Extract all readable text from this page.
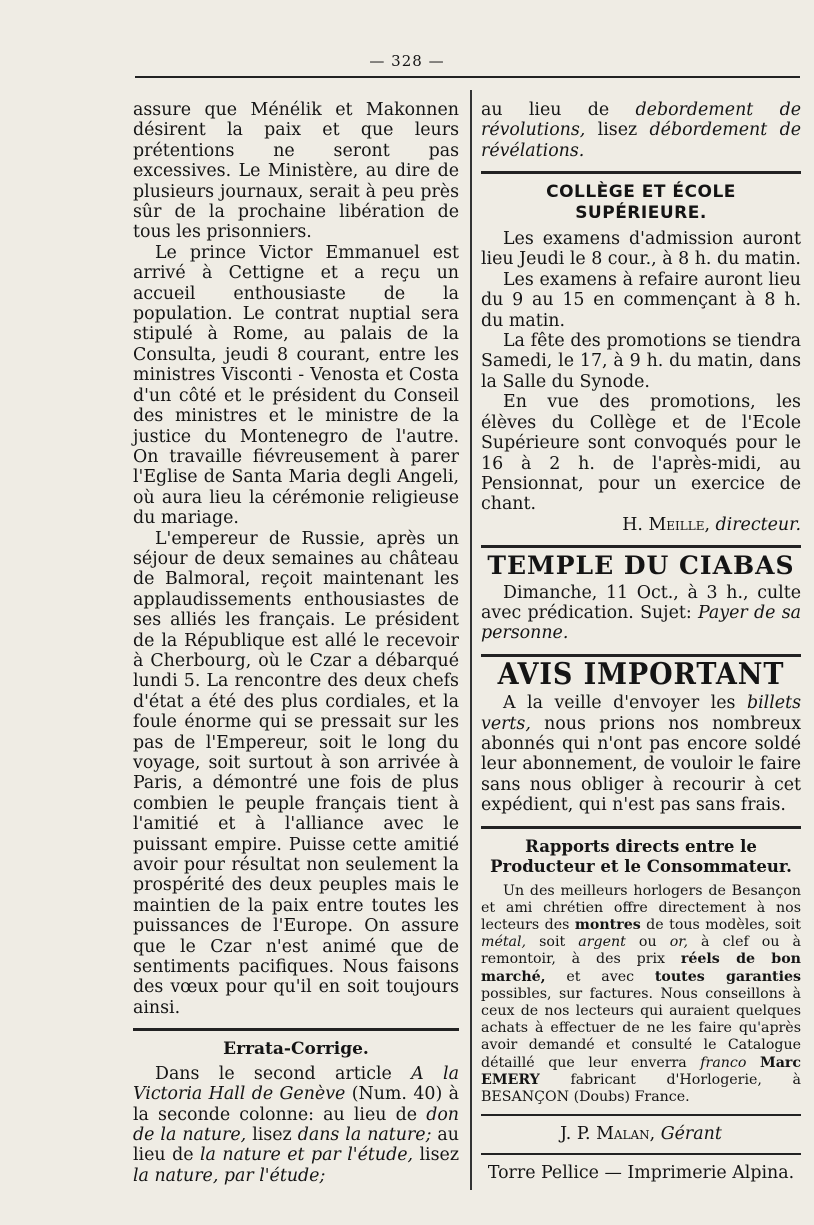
— 328 —

assure que Ménélik et Makonnen désirent la paix et que leurs prétentions ne seront pas excessives. Le Ministère, au dire de plusieurs journaux, serait à peu près sûr de la prochaine libération de tous les prisonniers.

Le prince Victor Emmanuel est arrivé à Cettigne et a reçu un accueil enthousiaste de la population. Le contrat nuptial sera stipulé à Rome, au palais de la Consulta, jeudi 8 courant, entre les ministres Visconti - Venosta et Costa d'un côté et le président du Conseil des ministres et le ministre de la justice du Montenegro de l'autre. On travaille fiévreusement à parer l'Eglise de Santa Maria degli Angeli, où aura lieu la cérémonie religieuse du mariage.

L'empereur de Russie, après un séjour de deux semaines au château de Balmoral, reçoit maintenant les applaudissements enthousiastes de ses alliés les français. Le président de la République est allé le recevoir à Cherbourg, où le Czar a débarqué lundi 5. La rencontre des deux chefs d'état a été des plus cordiales, et la foule énorme qui se pressait sur les pas de l'Empereur, soit le long du voyage, soit surtout à son arrivée à Paris, a démontré une fois de plus combien le peuple français tient à l'amitié et à l'alliance avec le puissant empire. Puisse cette amitié avoir pour résultat non seulement la prospérité des deux peuples mais le maintien de la paix entre toutes les puissances de l'Europe. On assure que le Czar n'est animé que de sentiments pacifiques. Nous faisons des vœux pour qu'il en soit toujours ainsi.

Errata-Corrige.

Dans le second article A la Victoria Hall de Genève (Num. 40) à la seconde colonne: au lieu de don de la nature, lisez dans la nature; au lieu de la nature et par l'étude, lisez la nature, par l'étude;

au lieu de debordement de révolutions, lisez débordement de révélations.

COLLÈGE ET ÉCOLE SUPÉRIEURE.

Les examens d'admission auront lieu Jeudi le 8 cour., à 8 h. du matin.

Les examens à refaire auront lieu du 9 au 15 en commençant à 8 h. du matin.

La fête des promotions se tiendra Samedi, le 17, à 9 h. du matin, dans la Salle du Synode.

En vue des promotions, les élèves du Collège et de l'Ecole Supérieure sont convoqués pour le 16 à 2 h. de l'après-midi, au Pensionnat, pour un exercice de chant.

H. Meille, directeur.

TEMPLE DU CIABAS

Dimanche, 11 Oct., à 3 h., culte avec prédication. Sujet: Payer de sa personne.

AVIS IMPORTANT

A la veille d'envoyer les billets verts, nous prions nos nombreux abonnés qui n'ont pas encore soldé leur abonnement, de vouloir le faire sans nous obliger à recourir à cet expédient, qui n'est pas sans frais.

Rapports directs entre le Producteur et le Consommateur.

Un des meilleurs horlogers de Besançon et ami chrétien offre directement à nos lecteurs des montres de tous modèles, soit métal, soit argent ou or, à clef ou à remontoir, à des prix réels de bon marché, et avec toutes garanties possibles, sur factures. Nous conseillons à ceux de nos lecteurs qui auraient quelques achats à effectuer de ne les faire qu'après avoir demandé et consulté le Catalogue détaillé que leur enverra franco Marc EMERY fabricant d'Horlogerie, à BESANÇON (Doubs) France.

J. P. Malan, Gérant

Torre Pellice — Imprimerie Alpina.
